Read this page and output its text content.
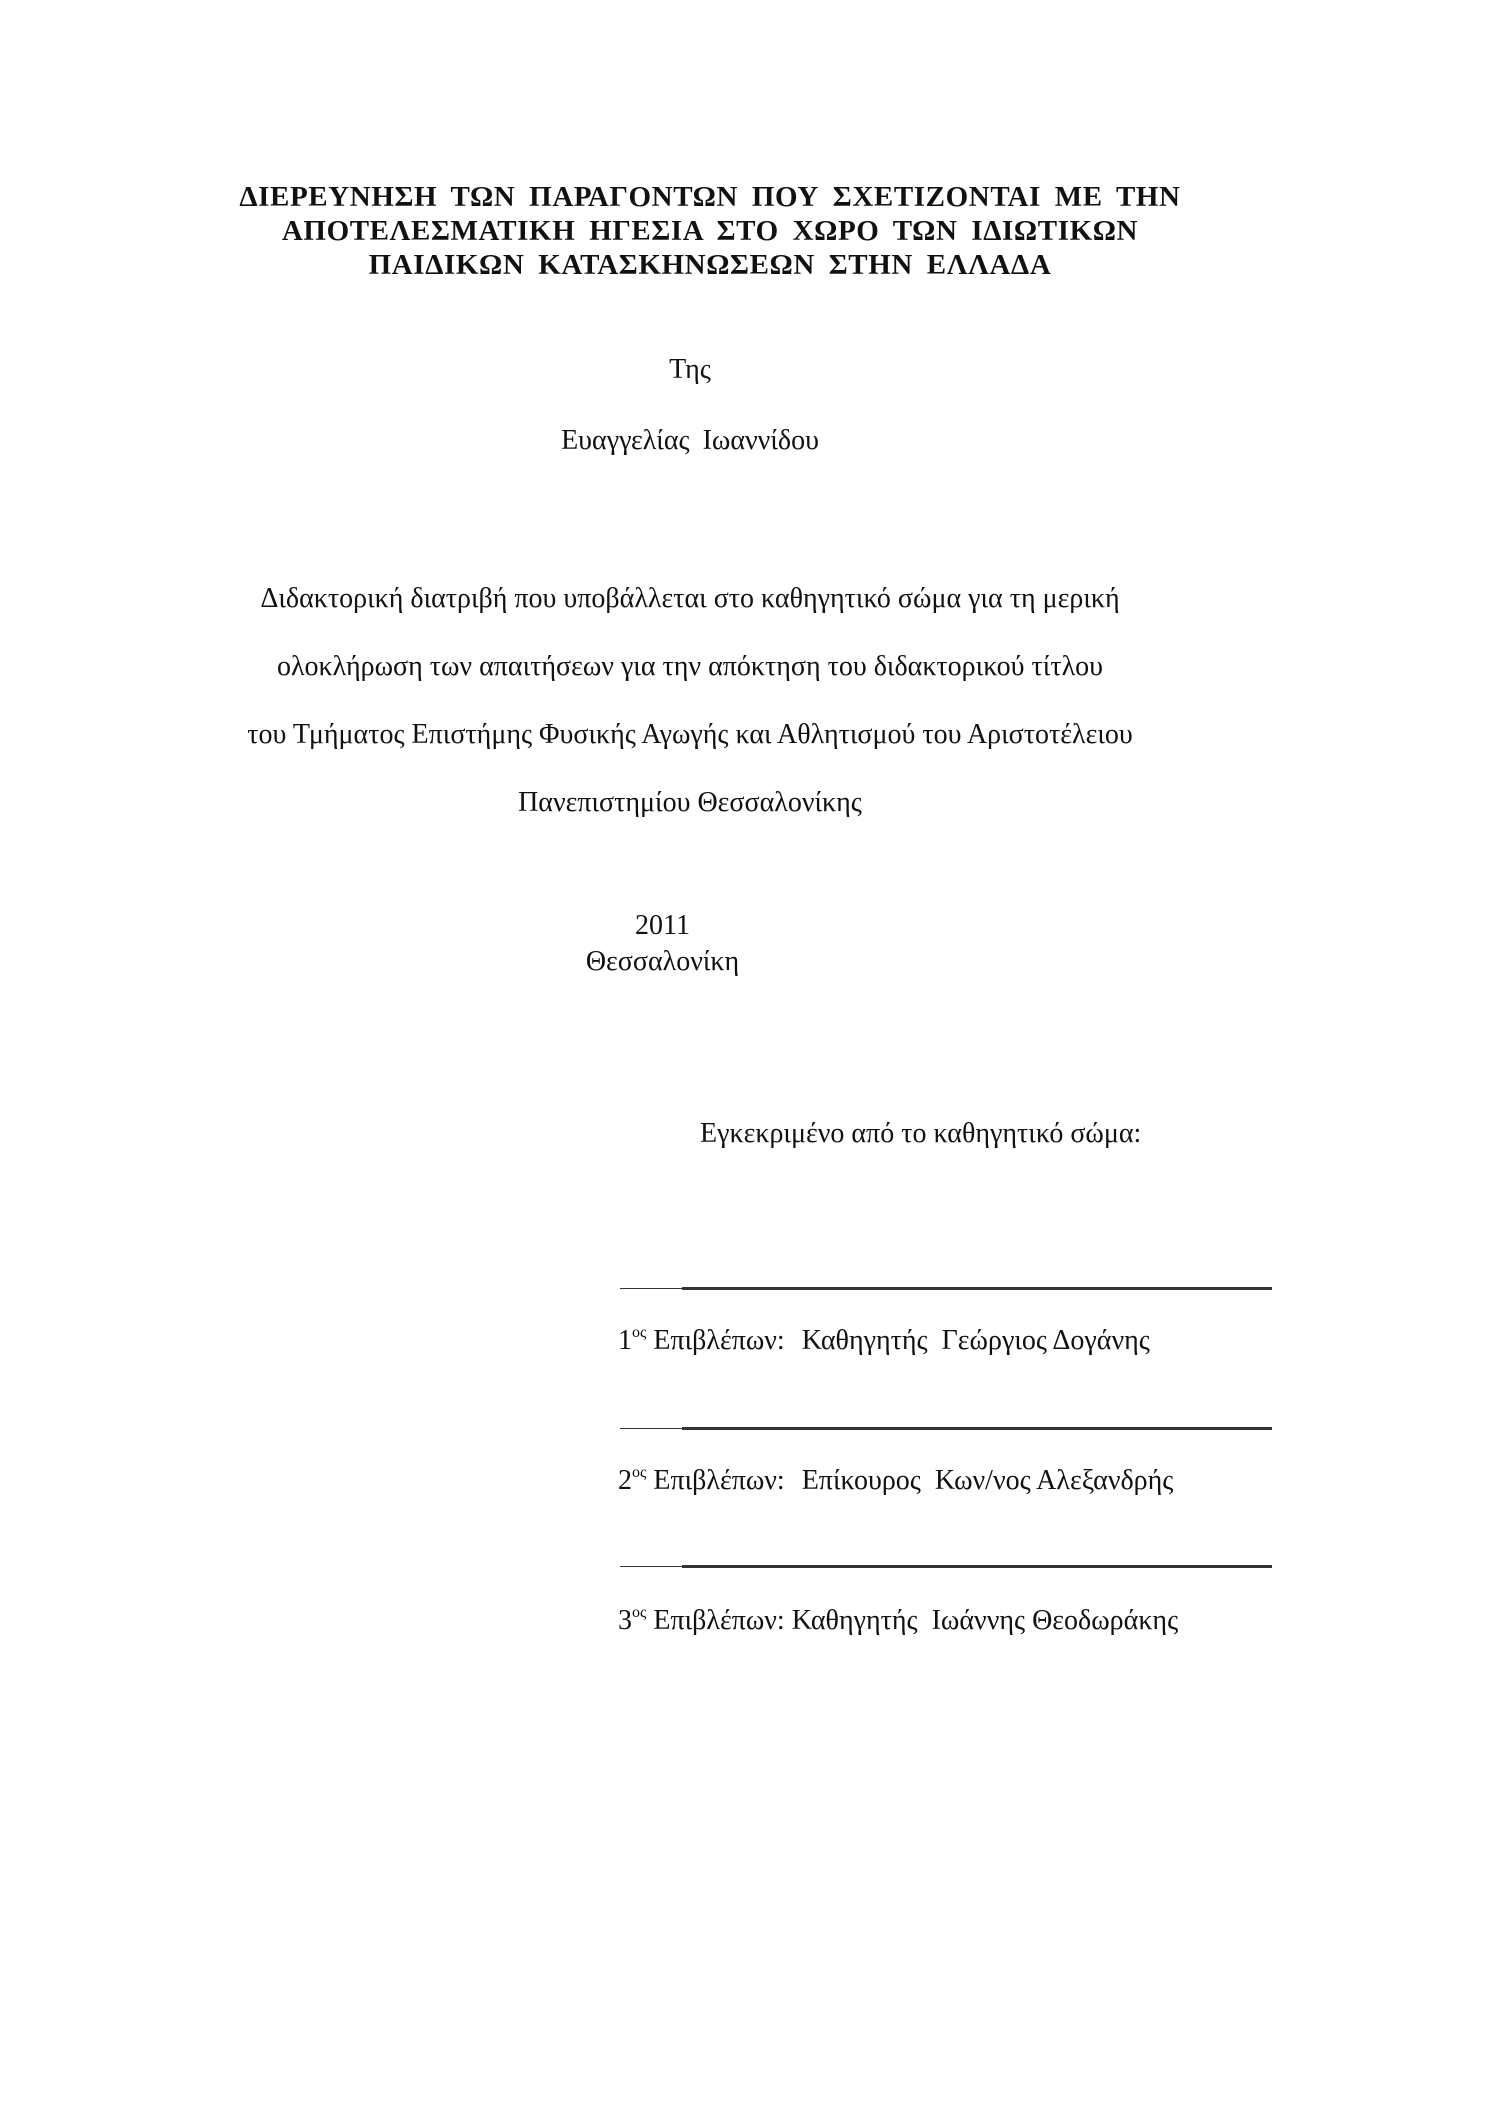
ΔΙΕΡΕΥΝΗΣΗ ΤΩΝ ΠΑΡΑΓΟΝΤΩΝ ΠΟΥ ΣΧΕΤΙΖΟΝΤΑΙ ΜΕ ΤΗΝ
ΑΠΟΤΕΛΕΣΜΑΤΙΚΗ ΗΓΕΣΙΑ ΣΤΟ ΧΩΡΟ ΤΩΝ ΙΔΙΩΤΙΚΩΝ
ΠΑΙΔΙΚΩΝ ΚΑΤΑΣΚΗΝΩΣΕΩΝ ΣΤΗΝ ΕΛΛΑΔΑ
Της
Ευαγγελίας Ιωαννίδου
Διδακτορική διατριβή που υποβάλλεται στο καθηγητικό σώμα για τη μερική
ολοκλήρωση των απαιτήσεων για την απόκτηση του διδακτορικού τίτλου
του Τμήματος Επιστήμης Φυσικής Αγωγής και Αθλητισμού του Αριστοτέλειου
Πανεπιστημίου Θεσσαλονίκης
2011
Θεσσαλονίκη
Εγκεκριμένο από το καθηγητικό σώμα:
$1^{o\varsigma}$ Επιβλέπων: Καθηγητής  Γεώργιος Δογάνης
$2^{o\varsigma}$ Επιβλέπων: Επίκουρος  Κων/νος Αλεξανδρής
$3^{o\varsigma}$ Επιβλέπων: Καθηγητής  Ιωάννης Θεοδωράκης
